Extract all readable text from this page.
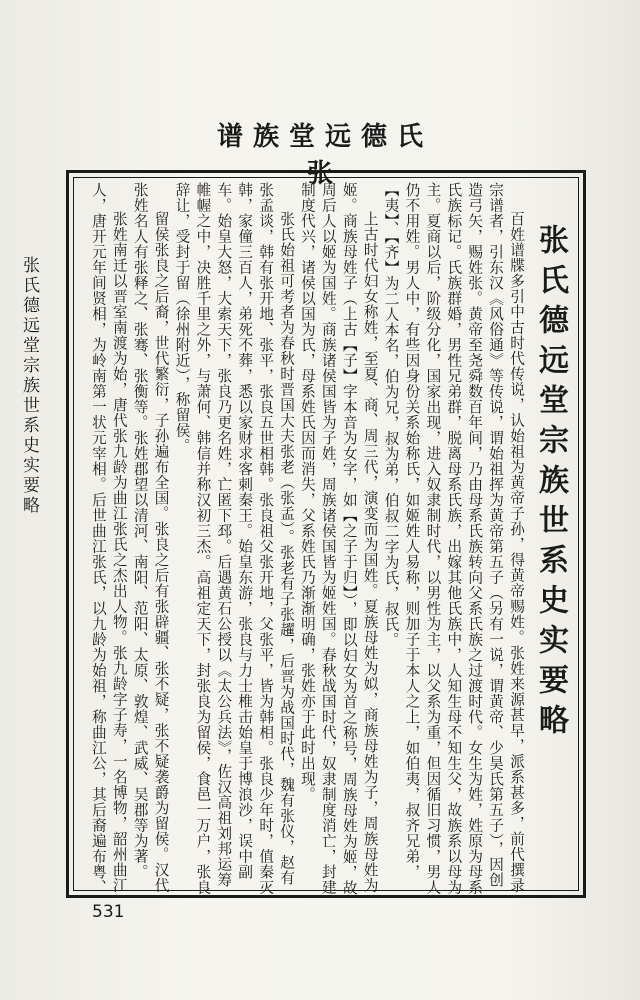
谱族堂远德氏张
张氏德远堂宗族世系史实要略

百姓谱牒多引中古时代传说，认始祖为黄帝子孙，得黄帝赐姓。张姓来源甚早，派系甚多，前代撰录宗谱者，引东汉《风俗通》等传说，谓始祖挥为黄帝第五子（另有一说，谓黄帝、少昊氏第五子），因创造弓矢，赐姓张。黄帝至尧舜数百年间，乃由母系氏族转向父系氏族之过渡时代。女生为姓，姓原为母系氏族标记。氏族群婚，男性兄弟群，脱离母系氏族，出嫁其他氏族中，人知生母不知生父，故族系以母为主。夏商以后，阶级分化，国家出现，进入奴隶制时代，以男性为主，以父系为重，但因循旧习惯，男人仍不用姓。男人中，有些因身份关系始称氏，如姬姓人易称，则加子于本人之上，如伯夷，叔齐兄弟，【夷】、【齐】为二人本名，伯为兄，叔为弟，伯叔二字为氏，叔氏。

上古时代妇女称姓，至夏、商、周三代，演变而为国姓。夏族母姓为姒，商族母姓为子，周族母姓为姬。商族母姓子（上古【子】字本音为女字，如【之子于归】），即以妇女为首之称号，周族母姓为姬，故周后人以姬为国姓。商族诸侯国皆为子姓，周族诸侯国皆为姬姓国。春秋战国时代，奴隶制度消亡，封建制度代兴，诸侯以国为氏，母系姓氏因而消失，父系姓氏乃渐渐明确，张姓亦于此时出现。

张氏始祖可考者为春秋时晋国大夫张老（张孟）。张老有子张趯，后晋为战国时代，魏有张仪，赵有张孟谈，韩有张开地、张平，张良五世相韩。张良祖父张开地，父张平，皆为韩相。张良少年时，值秦灭韩，家僮三百人，弟死不葬，悉以家财求客刺秦王。始皇东游，张良与力士椎击始皇于博浪沙，误中副车。始皇大怒，大索天下，张良乃更名姓，亡匿下邳。后遇黄石公授以《太公兵法》，佐汉高祖刘邦运筹帷幄之中，决胜千里之外，与萧何、韩信并称汉初三杰。高祖定天下，封张良为留侯，食邑一万户，张良辞让，受封于留（徐州附近），称留侯。

留侯张良之后裔，世代繁衍，子孙遍布全国。张良之后有张辟疆、张不疑，张不疑袭爵为留侯。汉代张姓名人有张释之、张骞、张衡等。张姓郡望以清河、南阳、范阳、太原、敦煌、武威、吴郡等为著。

张姓南迁以晋室南渡为始，唐代张九龄为曲江张氏之杰出人物。张九龄字子寿，一名博物，韶州曲江人，唐开元年间贤相，为岭南第一状元宰相。后世曲江张氏，以九龄为始祖，称曲江公，其后裔遍布粤、

张氏德远堂宗族世系史实要略
531
